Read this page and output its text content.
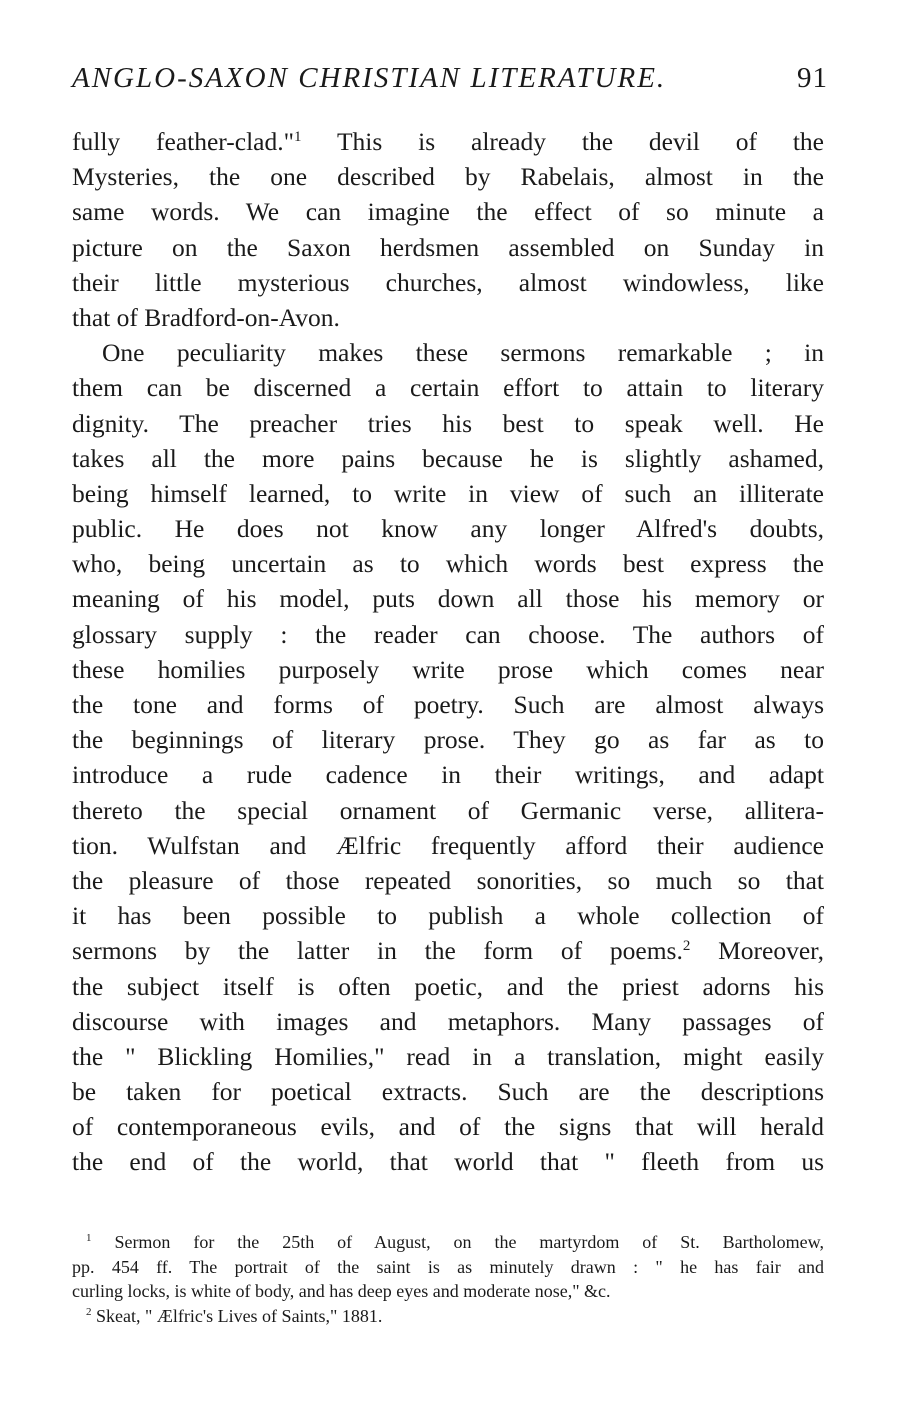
ANGLO-SAXON CHRISTIAN LITERATURE.	91
fully feather-clad."$^1$ This is already the devil of the
Mysteries, the one described by Rabelais, almost in the
same words. We can imagine the effect of so minute a
picture on the Saxon herdsmen assembled on Sunday in
their little mysterious churches, almost windowless, like
that of Bradford-on-Avon.
One peculiarity makes these sermons remarkable ; in
them can be discerned a certain effort to attain to literary
dignity. The preacher tries his best to speak well. He
takes all the more pains because he is slightly ashamed,
being himself learned, to write in view of such an illiterate
public. He does not know any longer Alfred's doubts,
who, being uncertain as to which words best express the
meaning of his model, puts down all those his memory or
glossary supply : the reader can choose. The authors of
these homilies purposely write prose which comes near
the tone and forms of poetry. Such are almost always
the beginnings of literary prose. They go as far as to
introduce a rude cadence in their writings, and adapt
thereto the special ornament of Germanic verse, allitera-
tion. Wulfstan and Ælfric frequently afford their audience
the pleasure of those repeated sonorities, so much so that
it has been possible to publish a whole collection of
sermons by the latter in the form of poems.$^2$ Moreover,
the subject itself is often poetic, and the priest adorns his
discourse with images and metaphors. Many passages of
the " Blickling Homilies," read in a translation, might easily
be taken for poetical extracts. Such are the descriptions
of contemporaneous evils, and of the signs that will herald
the end of the world, that world that " fleeth from us
$^1$ Sermon for the 25th of August, on the martyrdom of St. Bartholomew,
pp. 454 ff. The portrait of the saint is as minutely drawn : " he has fair and
curling locks, is white of body, and has deep eyes and moderate nose," &c.
$^2$ Skeat, " Ælfric's Lives of Saints," 1881.
